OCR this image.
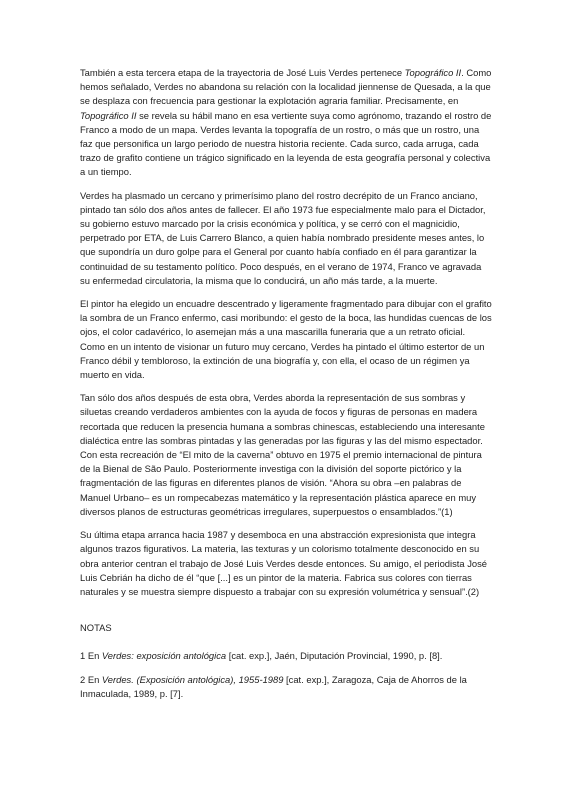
También a esta tercera etapa de la trayectoria de José Luis Verdes pertenece Topográfico II. Como hemos señalado, Verdes no abandona su relación con la localidad jiennense de Quesada, a la que se desplaza con frecuencia para gestionar la explotación agraria familiar. Precisamente, en Topográfico II se revela su hábil mano en esa vertiente suya como agrónomo, trazando el rostro de Franco a modo de un mapa. Verdes levanta la topografía de un rostro, o más que un rostro, una faz que personifica un largo periodo de nuestra historia reciente. Cada surco, cada arruga, cada trazo de grafito contiene un trágico significado en la leyenda de esta geografía personal y colectiva a un tiempo.

Verdes ha plasmado un cercano y primerísimo plano del rostro decrépito de un Franco anciano, pintado tan sólo dos años antes de fallecer. El año 1973 fue especialmente malo para el Dictador, su gobierno estuvo marcado por la crisis económica y política, y se cerró con el magnicidio, perpetrado por ETA, de Luis Carrero Blanco, a quien había nombrado presidente meses antes, lo que supondría un duro golpe para el General por cuanto había confiado en él para garantizar la continuidad de su testamento político. Poco después, en el verano de 1974, Franco ve agravada su enfermedad circulatoria, la misma que lo conducirá, un año más tarde, a la muerte.

El pintor ha elegido un encuadre descentrado y ligeramente fragmentado para dibujar con el grafito la sombra de un Franco enfermo, casi moribundo: el gesto de la boca, las hundidas cuencas de los ojos, el color cadavérico, lo asemejan más a una mascarilla funeraria que a un retrato oficial. Como en un intento de visionar un futuro muy cercano, Verdes ha pintado el último estertor de un Franco débil y tembloroso, la extinción de una biografía y, con ella, el ocaso de un régimen ya muerto en vida.

Tan sólo dos años después de esta obra, Verdes aborda la representación de sus sombras y siluetas creando verdaderos ambientes con la ayuda de focos y figuras de personas en madera recortada que reducen la presencia humana a sombras chinescas, estableciendo una interesante dialéctica entre las sombras pintadas y las generadas por las figuras y las del mismo espectador. Con esta recreación de “El mito de la caverna” obtuvo en 1975 el premio internacional de pintura de la Bienal de São Paulo. Posteriormente investiga con la división del soporte pictórico y la fragmentación de las figuras en diferentes planos de visión. “Ahora su obra –en palabras de Manuel Urbano– es un rompecabezas matemático y la representación plástica aparece en muy diversos planos de estructuras geométricas irregulares, superpuestos o ensamblados.”(1)

Su última etapa arranca hacia 1987 y desemboca en una abstracción expresionista que integra algunos trazos figurativos. La materia, las texturas y un colorismo totalmente desconocido en su obra anterior centran el trabajo de José Luis Verdes desde entonces. Su amigo, el periodista José Luis Cebrián ha dicho de él “que [...] es un pintor de la materia. Fabrica sus colores con tierras naturales y se muestra siempre dispuesto a trabajar con su expresión volumétrica y sensual”.(2)

NOTAS

1 En Verdes: exposición antológica [cat. exp.], Jaén, Diputación Provincial, 1990, p. [8].

2 En Verdes. (Exposición antológica), 1955-1989 [cat. exp.], Zaragoza, Caja de Ahorros de la Inmaculada, 1989, p. [7].
